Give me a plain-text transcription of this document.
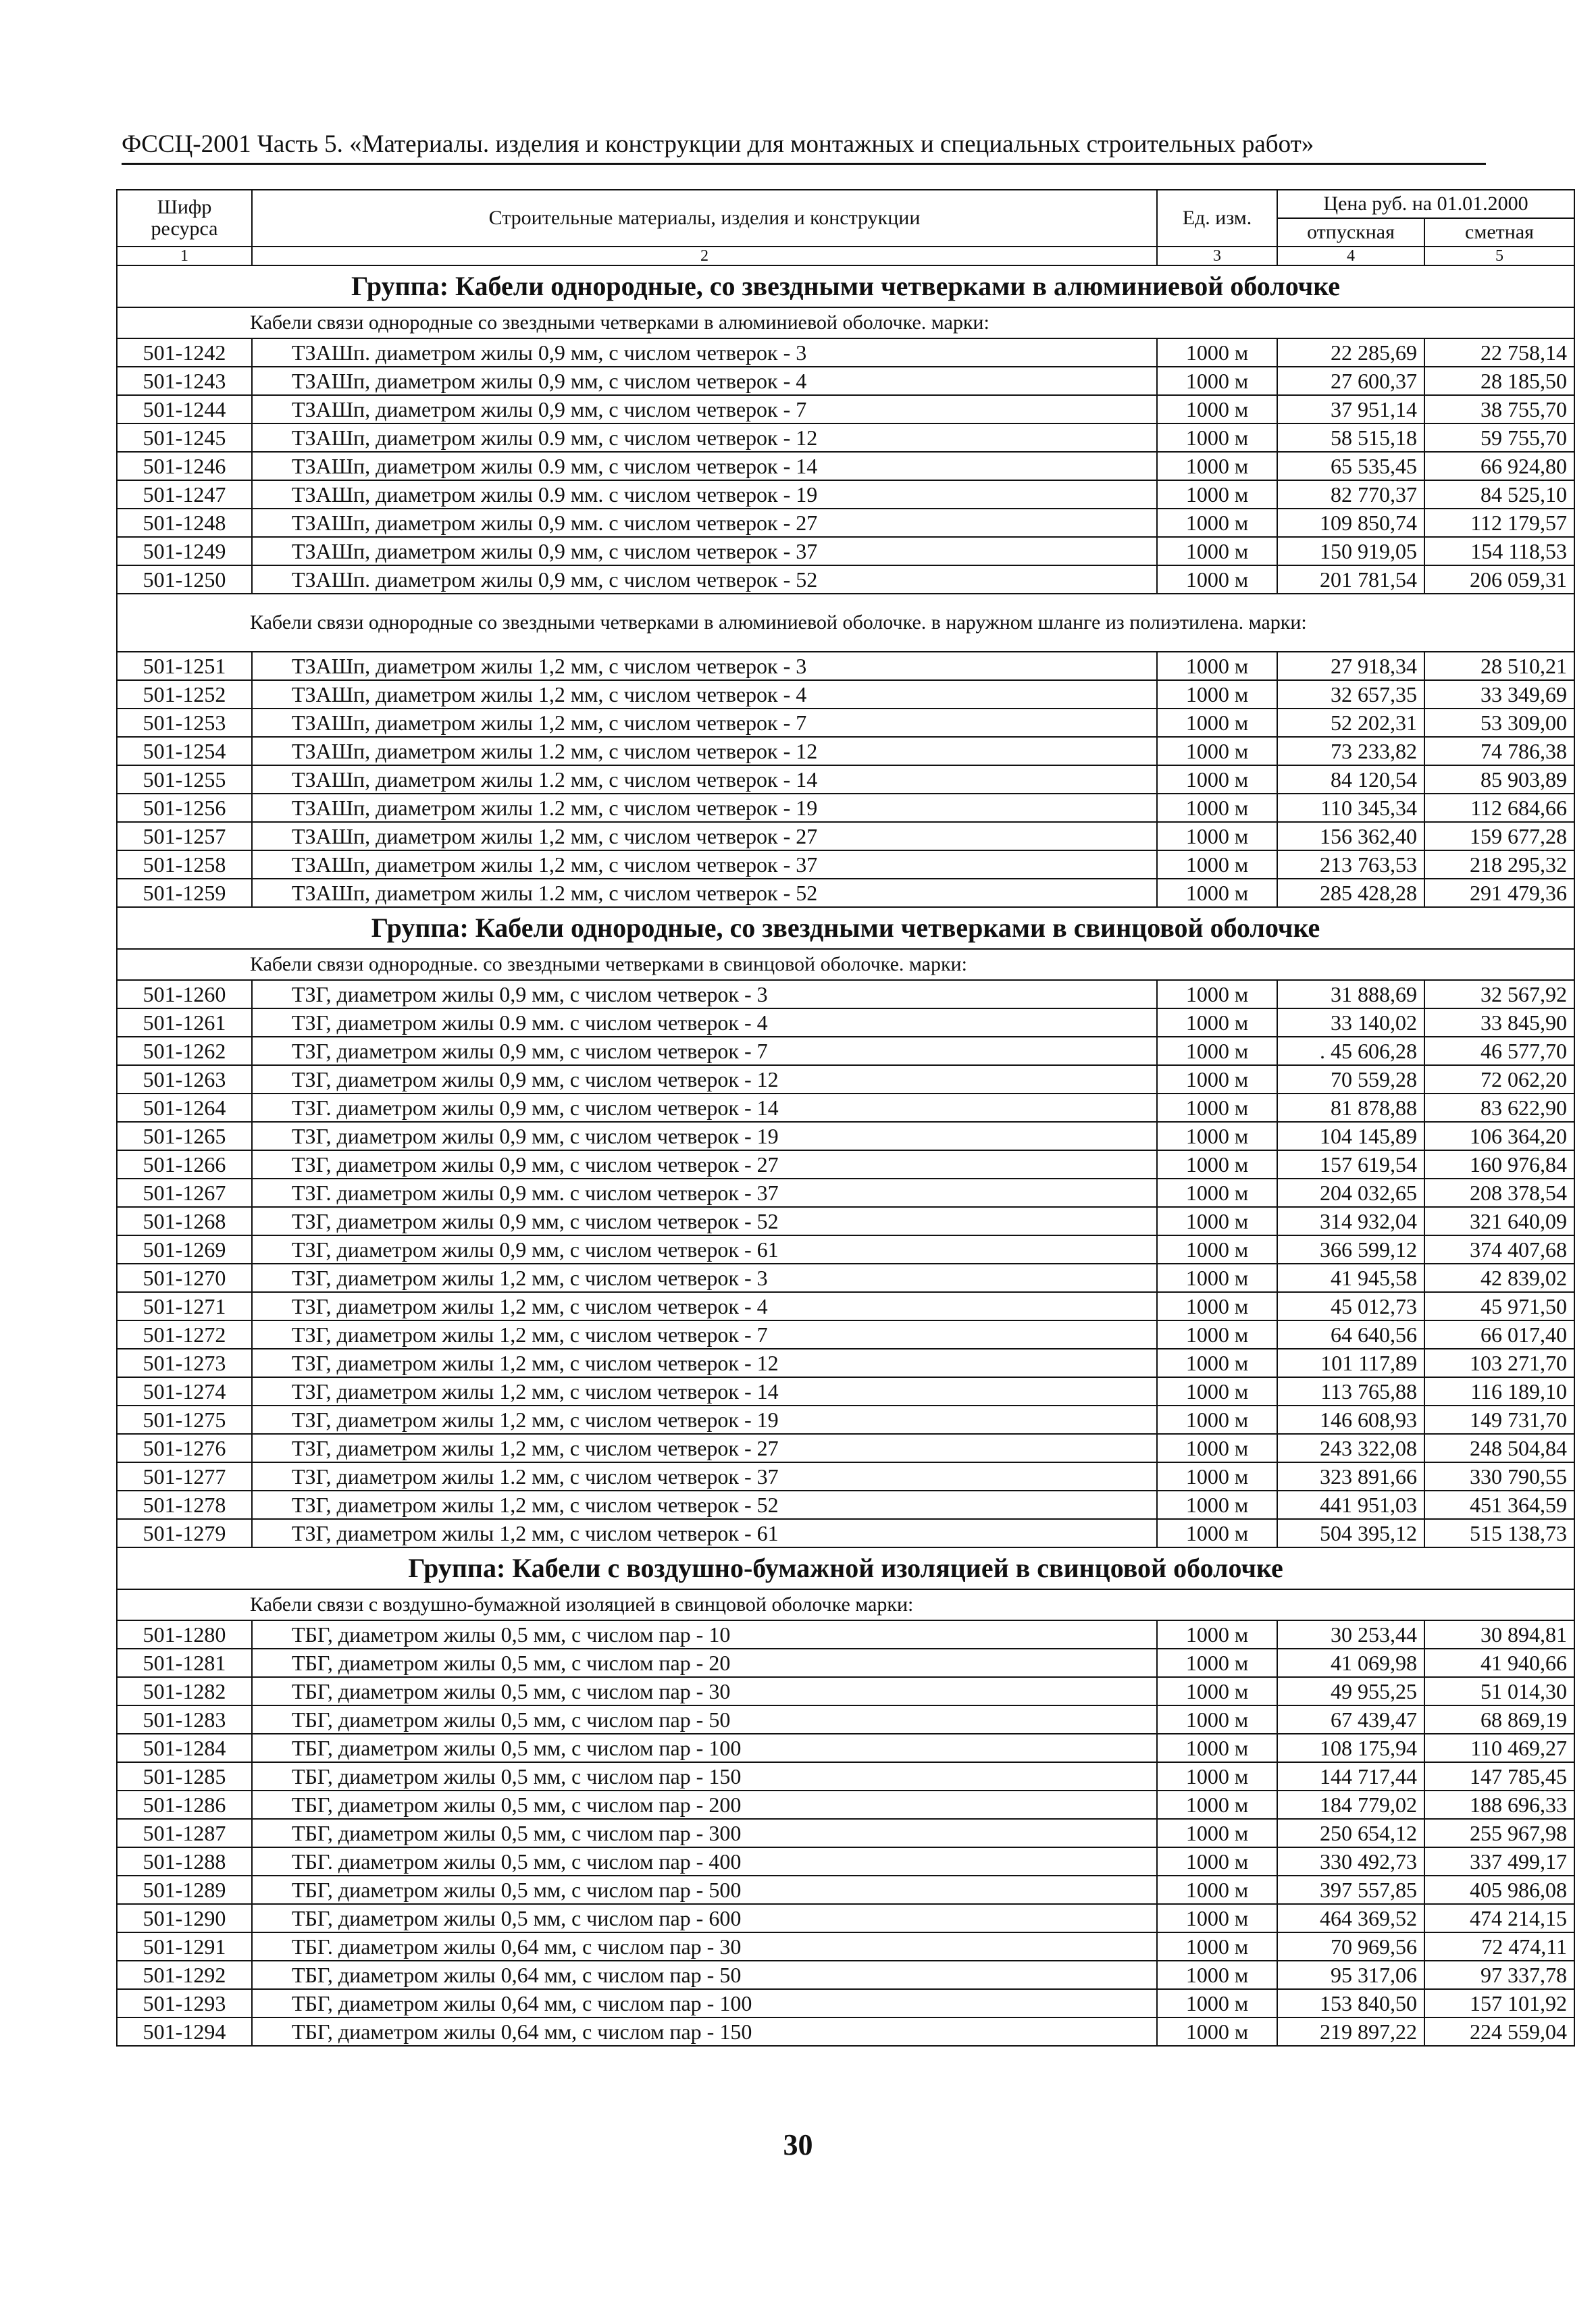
ФССЦ-2001 Часть 5. «Материалы. изделия и конструкции для монтажных и специальных строительных работ»
Шифр ресурса	Строительные материалы, изделия и конструкции	Ед. изм.	Цена руб. на 01.01.2000	
			отпускная	сметная
1	2	3	4	5
Группа: Кабели однородные, со звездными четверками в алюминиевой оболочке				
Кабели связи однородные со звездными четверками в алюминиевой оболочке. марки:				
501-1242	ТЗАШп. диаметром жилы 0,9 мм, с числом четверок - 3	1000 м	22 285,69	22 758,14
501-1243	ТЗАШп, диаметром жилы 0,9 мм, с числом четверок - 4	1000 м	27 600,37	28 185,50
501-1244	ТЗАШп, диаметром жилы 0,9 мм, с числом четверок - 7	1000 м	37 951,14	38 755,70
501-1245	ТЗАШп, диаметром жилы 0.9 мм, с числом четверок - 12	1000 м	58 515,18	59 755,70
501-1246	ТЗАШп, диаметром жилы 0.9 мм, с числом четверок - 14	1000 м	65 535,45	66 924,80
501-1247	ТЗАШп, диаметром жилы 0.9 мм. с числом четверок - 19	1000 м	82 770,37	84 525,10
501-1248	ТЗАШп, диаметром жилы 0,9 мм. с числом четверок - 27	1000 м	109 850,74	112 179,57
501-1249	ТЗАШп, диаметром жилы 0,9 мм, с числом четверок - 37	1000 м	150 919,05	154 118,53
501-1250	ТЗАШп. диаметром жилы 0,9 мм, с числом четверок - 52	1000 м	201 781,54	206 059,31
Кабели связи однородные со звездными четверками в алюминиевой оболочке. в наружном шланге из полиэтилена. марки:				
501-1251	ТЗАШп, диаметром жилы 1,2 мм, с числом четверок - 3	1000 м	27 918,34	28 510,21
501-1252	ТЗАШп, диаметром жилы 1,2 мм, с числом четверок - 4	1000 м	32 657,35	33 349,69
501-1253	ТЗАШп, диаметром жилы 1,2 мм, с числом четверок - 7	1000 м	52 202,31	53 309,00
501-1254	ТЗАШп, диаметром жилы 1.2 мм, с числом четверок - 12	1000 м	73 233,82	74 786,38
501-1255	ТЗАШп, диаметром жилы 1.2 мм, с числом четверок - 14	1000 м	84 120,54	85 903,89
501-1256	ТЗАШп, диаметром жилы 1.2 мм, с числом четверок - 19	1000 м	110 345,34	112 684,66
501-1257	ТЗАШп, диаметром жилы 1,2 мм, с числом четверок - 27	1000 м	156 362,40	159 677,28
501-1258	ТЗАШп, диаметром жилы 1,2 мм, с числом четверок - 37	1000 м	213 763,53	218 295,32
501-1259	ТЗАШп, диаметром жилы 1.2 мм, с числом четверок - 52	1000 м	285 428,28	291 479,36
Группа: Кабели однородные, со звездными четверками в свинцовой оболочке				
Кабели связи однородные. со звездными четверками в свинцовой оболочке. марки:				
501-1260	ТЗГ, диаметром жилы 0,9 мм, с числом четверок - 3	1000 м	31 888,69	32 567,92
501-1261	ТЗГ, диаметром жилы 0.9 мм. с числом четверок - 4	1000 м	33 140,02	33 845,90
501-1262	ТЗГ, диаметром жилы 0,9 мм, с числом четверок - 7	1000 м	. 45 606,28	46 577,70
501-1263	ТЗГ, диаметром жилы 0,9 мм, с числом четверок - 12	1000 м	70 559,28	72 062,20
501-1264	ТЗГ. диаметром жилы 0,9 мм, с числом четверок - 14	1000 м	81 878,88	83 622,90
501-1265	ТЗГ, диаметром жилы 0,9 мм, с числом четверок - 19	1000 м	104 145,89	106 364,20
501-1266	ТЗГ, диаметром жилы 0,9 мм, с числом четверок - 27	1000 м	157 619,54	160 976,84
501-1267	ТЗГ. диаметром жилы 0,9 мм. с числом четверок - 37	1000 м	204 032,65	208 378,54
501-1268	ТЗГ, диаметром жилы 0,9 мм, с числом четверок - 52	1000 м	314 932,04	321 640,09
501-1269	ТЗГ, диаметром жилы 0,9 мм, с числом четверок - 61	1000 м	366 599,12	374 407,68
501-1270	ТЗГ, диаметром жилы 1,2 мм, с числом четверок - 3	1000 м	41 945,58	42 839,02
501-1271	ТЗГ, диаметром жилы 1,2 мм, с числом четверок - 4	1000 м	45 012,73	45 971,50
501-1272	ТЗГ, диаметром жилы 1,2 мм, с числом четверок - 7	1000 м	64 640,56	66 017,40
501-1273	ТЗГ, диаметром жилы 1,2 мм, с числом четверок - 12	1000 м	101 117,89	103 271,70
501-1274	ТЗГ, диаметром жилы 1,2 мм, с числом четверок - 14	1000 м	113 765,88	116 189,10
501-1275	ТЗГ, диаметром жилы 1,2 мм, с числом четверок - 19	1000 м	146 608,93	149 731,70
501-1276	ТЗГ, диаметром жилы 1,2 мм, с числом четверок - 27	1000 м	243 322,08	248 504,84
501-1277	ТЗГ, диаметром жилы 1.2 мм, с числом четверок - 37	1000 м	323 891,66	330 790,55
501-1278	ТЗГ, диаметром жилы 1,2 мм, с числом четверок - 52	1000 м	441 951,03	451 364,59
501-1279	ТЗГ, диаметром жилы 1,2 мм, с числом четверок - 61	1000 м	504 395,12	515 138,73
Группа: Кабели с воздушно-бумажной изоляцией в свинцовой оболочке				
Кабели связи с воздушно-бумажной изоляцией в свинцовой оболочке марки:				
501-1280	ТБГ, диаметром жилы 0,5 мм, с числом пар - 10	1000 м	30 253,44	30 894,81
501-1281	ТБГ, диаметром жилы 0,5 мм, с числом пар - 20	1000 м	41 069,98	41 940,66
501-1282	ТБГ, диаметром жилы 0,5 мм, с числом пар - 30	1000 м	49 955,25	51 014,30
501-1283	ТБГ, диаметром жилы 0,5 мм, с числом пар - 50	1000 м	67 439,47	68 869,19
501-1284	ТБГ, диаметром жилы 0,5 мм, с числом пар - 100	1000 м	108 175,94	110 469,27
501-1285	ТБГ, диаметром жилы 0,5 мм, с числом пар - 150	1000 м	144 717,44	147 785,45
501-1286	ТБГ, диаметром жилы 0,5 мм, с числом пар - 200	1000 м	184 779,02	188 696,33
501-1287	ТБГ, диаметром жилы 0,5 мм, с числом пар - 300	1000 м	250 654,12	255 967,98
501-1288	ТБГ. диаметром жилы 0,5 мм, с числом пар - 400	1000 м	330 492,73	337 499,17
501-1289	ТБГ, диаметром жилы 0,5 мм, с числом пар - 500	1000 м	397 557,85	405 986,08
501-1290	ТБГ, диаметром жилы 0,5 мм, с числом пар - 600	1000 м	464 369,52	474 214,15
501-1291	ТБГ. диаметром жилы 0,64 мм, с числом пар - 30	1000 м	70 969,56	72 474,11
501-1292	ТБГ, диаметром жилы 0,64 мм, с числом пар - 50	1000 м	95 317,06	97 337,78
501-1293	ТБГ, диаметром жилы 0,64 мм, с числом пар - 100	1000 м	153 840,50	157 101,92
501-1294	ТБГ, диаметром жилы 0,64 мм, с числом пар - 150	1000 м	219 897,22	224 559,04
30
